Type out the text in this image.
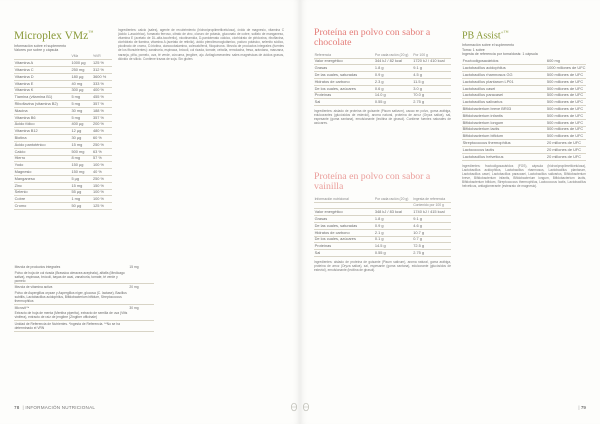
Microplex VMz™
Información sobre el suplemento
Valores por sobre y cápsula
	VMz	%VR
Vitamina A	1000 µg	125 %
Vitamina C	250 mg	312 %
Vitamina D	180 µg	3600 %
Vitamina E	40 mg	333 %
Vitamina K	300 µg	400 %
Tiamina (vitamina B1)	5 mg	455 %
Riboflavina (vitamina B2)	5 mg	357 %
Niacina	30 mg	188 %
Vitamina B6	5 mg	357 %
Ácido fólico	400 µg	200 %
Vitamina B12	12 µg	480 %
Biotina	30 µg	60 %
Ácido pantoténico	15 mg	250 %
Calcio	500 mg	63 %
Hierro	8 mg	57 %
Yodo	150 µg	100 %
Magnesio	150 mg	40 %
Manganeso	5 µg	250 %
Zinc	15 mg	150 %
Selenio	55 µg	100 %
Cobre	1 mg	100 %
Cromo	50 µg	125 %
Ingredientes: calcio (sales), agente de recubrimiento (hidroxipropilmetilcelulosa), óxido de magnesio, vitamina C (ácido L-ascórbico), fumarato ferroso, citrato de zinc, cloruro de potasio, gluconato de cobre, sulfato de manganeso, vitamina E (acetato de DL-alfa-tocoferilo), nicotinamida, D-pantotenato cálcico, clorhidrato de piridoxina, riboflavina, clorhidrato de tiamina, vitamina A (acetato de retinilo), ácido pteroilmonoglutámico, yoduro potásico, selenito sódico, picolinato de cromo, D-biotina, cianocobalamina, colecalciferol, filoquinona. Mezcla de productos integrales (fuentes de los fitonutrientes): zanahoria, espinaca, brócoli, col rizada, tomate, cebolla, remolacha, fresa, arándano, manzana, naranja, piña, pomelo, uva, té verde, cúrcuma, jengibre, ajo. Antiaglomerantes: sales magnésicas de ácidos grasos, dióxido de silicio. Contiene trazas de soja. Sin gluten.
Mezcla de productos integrales	15 mg
Polvo de hoja de col rizada (Brassica oleracea acephala), alfalfa (Medicago sativa), espinaca, brócoli, bayas de acaí, zanahoria, tomate, té verde y pomelo	
Mezcla de vitamina activa	20 mg
Polvo de Aspergillus oryzae y Aspergillus niger, glucosa (C. lactase), Bacillus subtilis, Lactobacillus acidophilus, Bifidobacterium bifidum, Streptococcus thermophilus	
Microvit™	30 mg
Extracto de hoja de menta (Mentha piperita), extracto de semilla de uva (Vitis vinifera), extracto de raíz de jengibre (Zingiber officinale)	
Unidad de Referencia de Nutrientes. *Ingesta de Referencia. **No se ha determinado el VRN	
78 | INFORMACIÓN NUTRICIONAL
Proteína en polvo con sabor a chocolate
Referencia	Por cada ración (20 g)	Por 100 g
Valor energético	344 kJ / 82 kcal	1720 kJ / 410 kcal
Grasas	1.8 g	9.1 g
De las cuales, saturadas	0.9 g	4.5 g
Hidratos de carbono	2.3 g	11.5 g
De los cuales, azúcares	0.6 g	3.0 g
Proteínas	14.0 g	70.0 g
Sal	0.55 g	2.75 g
Ingredientes: aislado de proteína de guisante (Pisum sativum), cacao en polvo, goma arábiga, edulcorantes (glucósidos de esteviol), aroma natural, proteína de arroz (Oryza sativa), sal, espesante (goma xantana), emulsionante (lecitina de girasol). Contiene fuentes naturales de azúcares.
Proteína en polvo con sabor a vainilla
Información nutricional	Por cada ración (20 g)	Ingesta de referencia
		Contenido por 100 g
Valor energético	348 kJ / 83 kcal	1740 kJ / 415 kcal
Grasas	1.8 g	9.1 g
De las cuales, saturadas	0.9 g	4.6 g
Hidratos de carbono	2.1 g	10.7 g
De los cuales, azúcares	0.1 g	0.7 g
Proteínas	14.5 g	72.5 g
Sal	0.55 g	2.75 g
Ingredientes: aislado de proteína de guisante (Pisum sativum), aroma natural, goma arábiga, proteína de arroz (Oryza sativa), sal, espesante (goma xantana), edulcorante (glucósidos de esteviol), emulsionante (lecitina de girasol).
PB Assist+™
Información sobre el suplemento
Toma: 1 sobre
Ingesta de referencia por toma/dosis: 1 cápsula
Fructooligosacáridos	600 mg
Lactobacillus acidophilus	1000 millones de UFC
Lactobacillus rhamnosus GG	500 millones de UFC
Lactobacillus plantarum LP01	500 millones de UFC
Lactobacillus casei	500 millones de UFC
Lactobacillus paracasei	500 millones de UFC
Lactobacillus salivarius	500 millones de UFC
Bifidobacterium breve BR03	500 millones de UFC
Bifidobacterium infantis	500 millones de UFC
Bifidobacterium longum	500 millones de UFC
Bifidobacterium lactis	500 millones de UFC
Bifidobacterium bifidum	500 millones de UFC
Streptococcus thermophilus	20 millones de UFC
Lactococcus lactis	20 millones de UFC
Lactobacillus helveticus	20 millones de UFC
Ingredientes: fructooligosacáridos (FOS), cápsula (hidroxipropilmetilcelulosa), Lactobacillus acidophilus, Lactobacillus rhamnosus, Lactobacillus plantarum, Lactobacillus casei, Lactobacillus paracasei, Lactobacillus salivarius, Bifidobacterium breve, Bifidobacterium infantis, Bifidobacterium longum, Bifidobacterium lactis, Bifidobacterium bifidum, Streptococcus thermophilus, Lactococcus lactis, Lactobacillus helveticus, antiaglomerante (estearato de magnesio).
| 79
